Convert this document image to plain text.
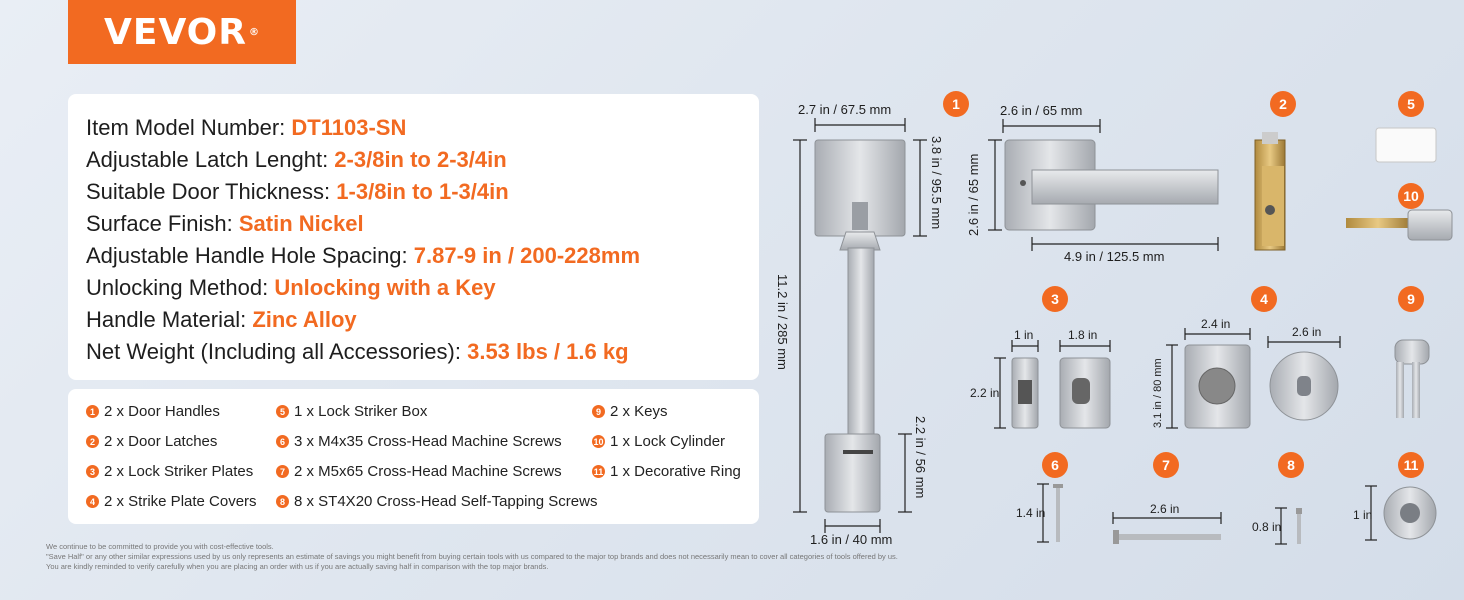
VEVOR ®
Item Model Number: DT1103-SN
Adjustable Latch Lenght: 2-3/8in to 2-3/4in
Suitable Door Thickness: 1-3/8in to 1-3/4in
Surface Finish: Satin Nickel
Adjustable Handle Hole Spacing: 7.87-9 in / 200-228mm
Unlocking Method: Unlocking with a Key
Handle Material: Zinc Alloy
Net Weight (Including all Accessories): 3.53 lbs / 1.6 kg
1 2 x Door Handles
2 2 x Door Latches
3 2 x Lock Striker Plates
4 2 x Strike Plate Covers
5 1 x Lock Striker Box
6 3 x M4x35 Cross-Head Machine Screws
7 2 x M5x65 Cross-Head Machine Screws
8 8 x ST4X20 Cross-Head Self-Tapping Screws
9 2 x Keys
10 1 x Lock Cylinder
11 1 x Decorative Ring
We continue to be committed to provide you with cost-effective tools.
"Save Half" or any other similar expressions used by us only represents an estimate of savings you might benefit from buying certain tools with us compared to the major top brands and does not necessarily mean to cover all categories of tools offered by us.
You are kindly reminded to verify carefully when you are placing an order with us if you are actually saving half in comparison with the top major brands.
1	2
3	4
5
6	7	8
9
10
11
2.7 in / 67.5 mm
3.8 in / 95.5 mm
11.2 in / 285 mm
2.2 in / 56 mm
1.6 in / 40 mm
2.6 in / 65 mm
2.6 in / 65 mm
4.9 in / 125.5 mm
1 in	1.8 in
2.2 in
2.4 in
3.1 in / 80 mm
2.6 in
1.4 in	2.6 in
0.8 in
1 in
